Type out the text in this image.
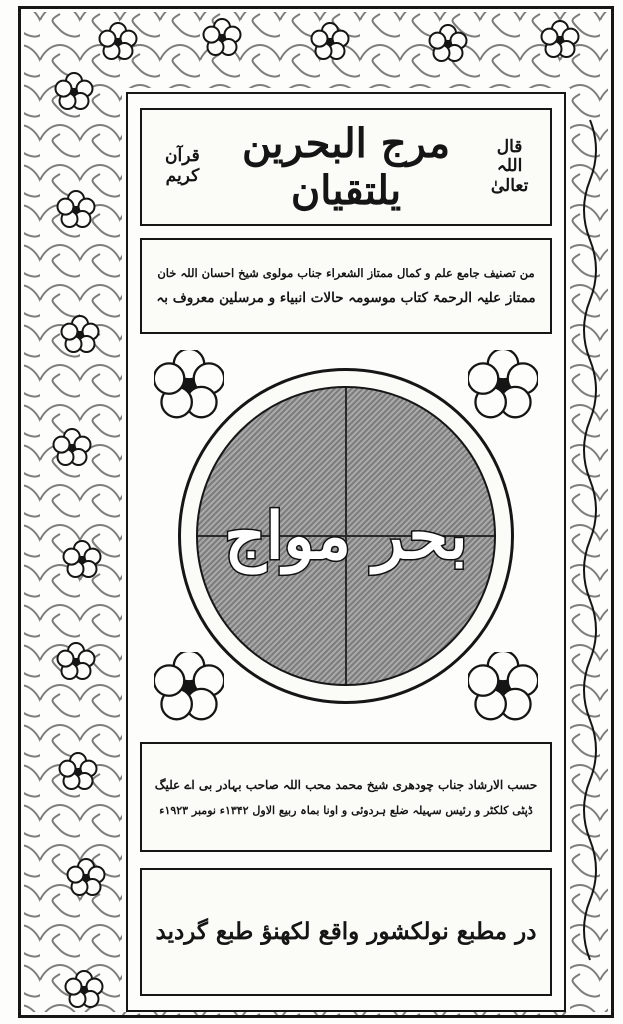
قال اللہ تعالیٰ
مرج البحرین یلتقیان
قرآن کریم
من تصنیف جامع علم و کمال ممتاز الشعراء جناب مولوی شیخ احسان اللہ خان
ممتاز علیہ الرحمۃ کتاب موسومہ حالات انبیاء و مرسلین معروف بہ
بحر مواج
حسب الارشاد جناب چودھری شیخ محمد محب اللہ صاحب بہادر بی اے علیگ
ڈپٹی کلکٹر و رئیس سہیلہ ضلع ہردوئی و اونا بماہ ربیع الاول ۱۳۴۲ء نومبر ۱۹۲۳ء
در مطبع نولکشور واقع لکھنؤ طبع گردید
